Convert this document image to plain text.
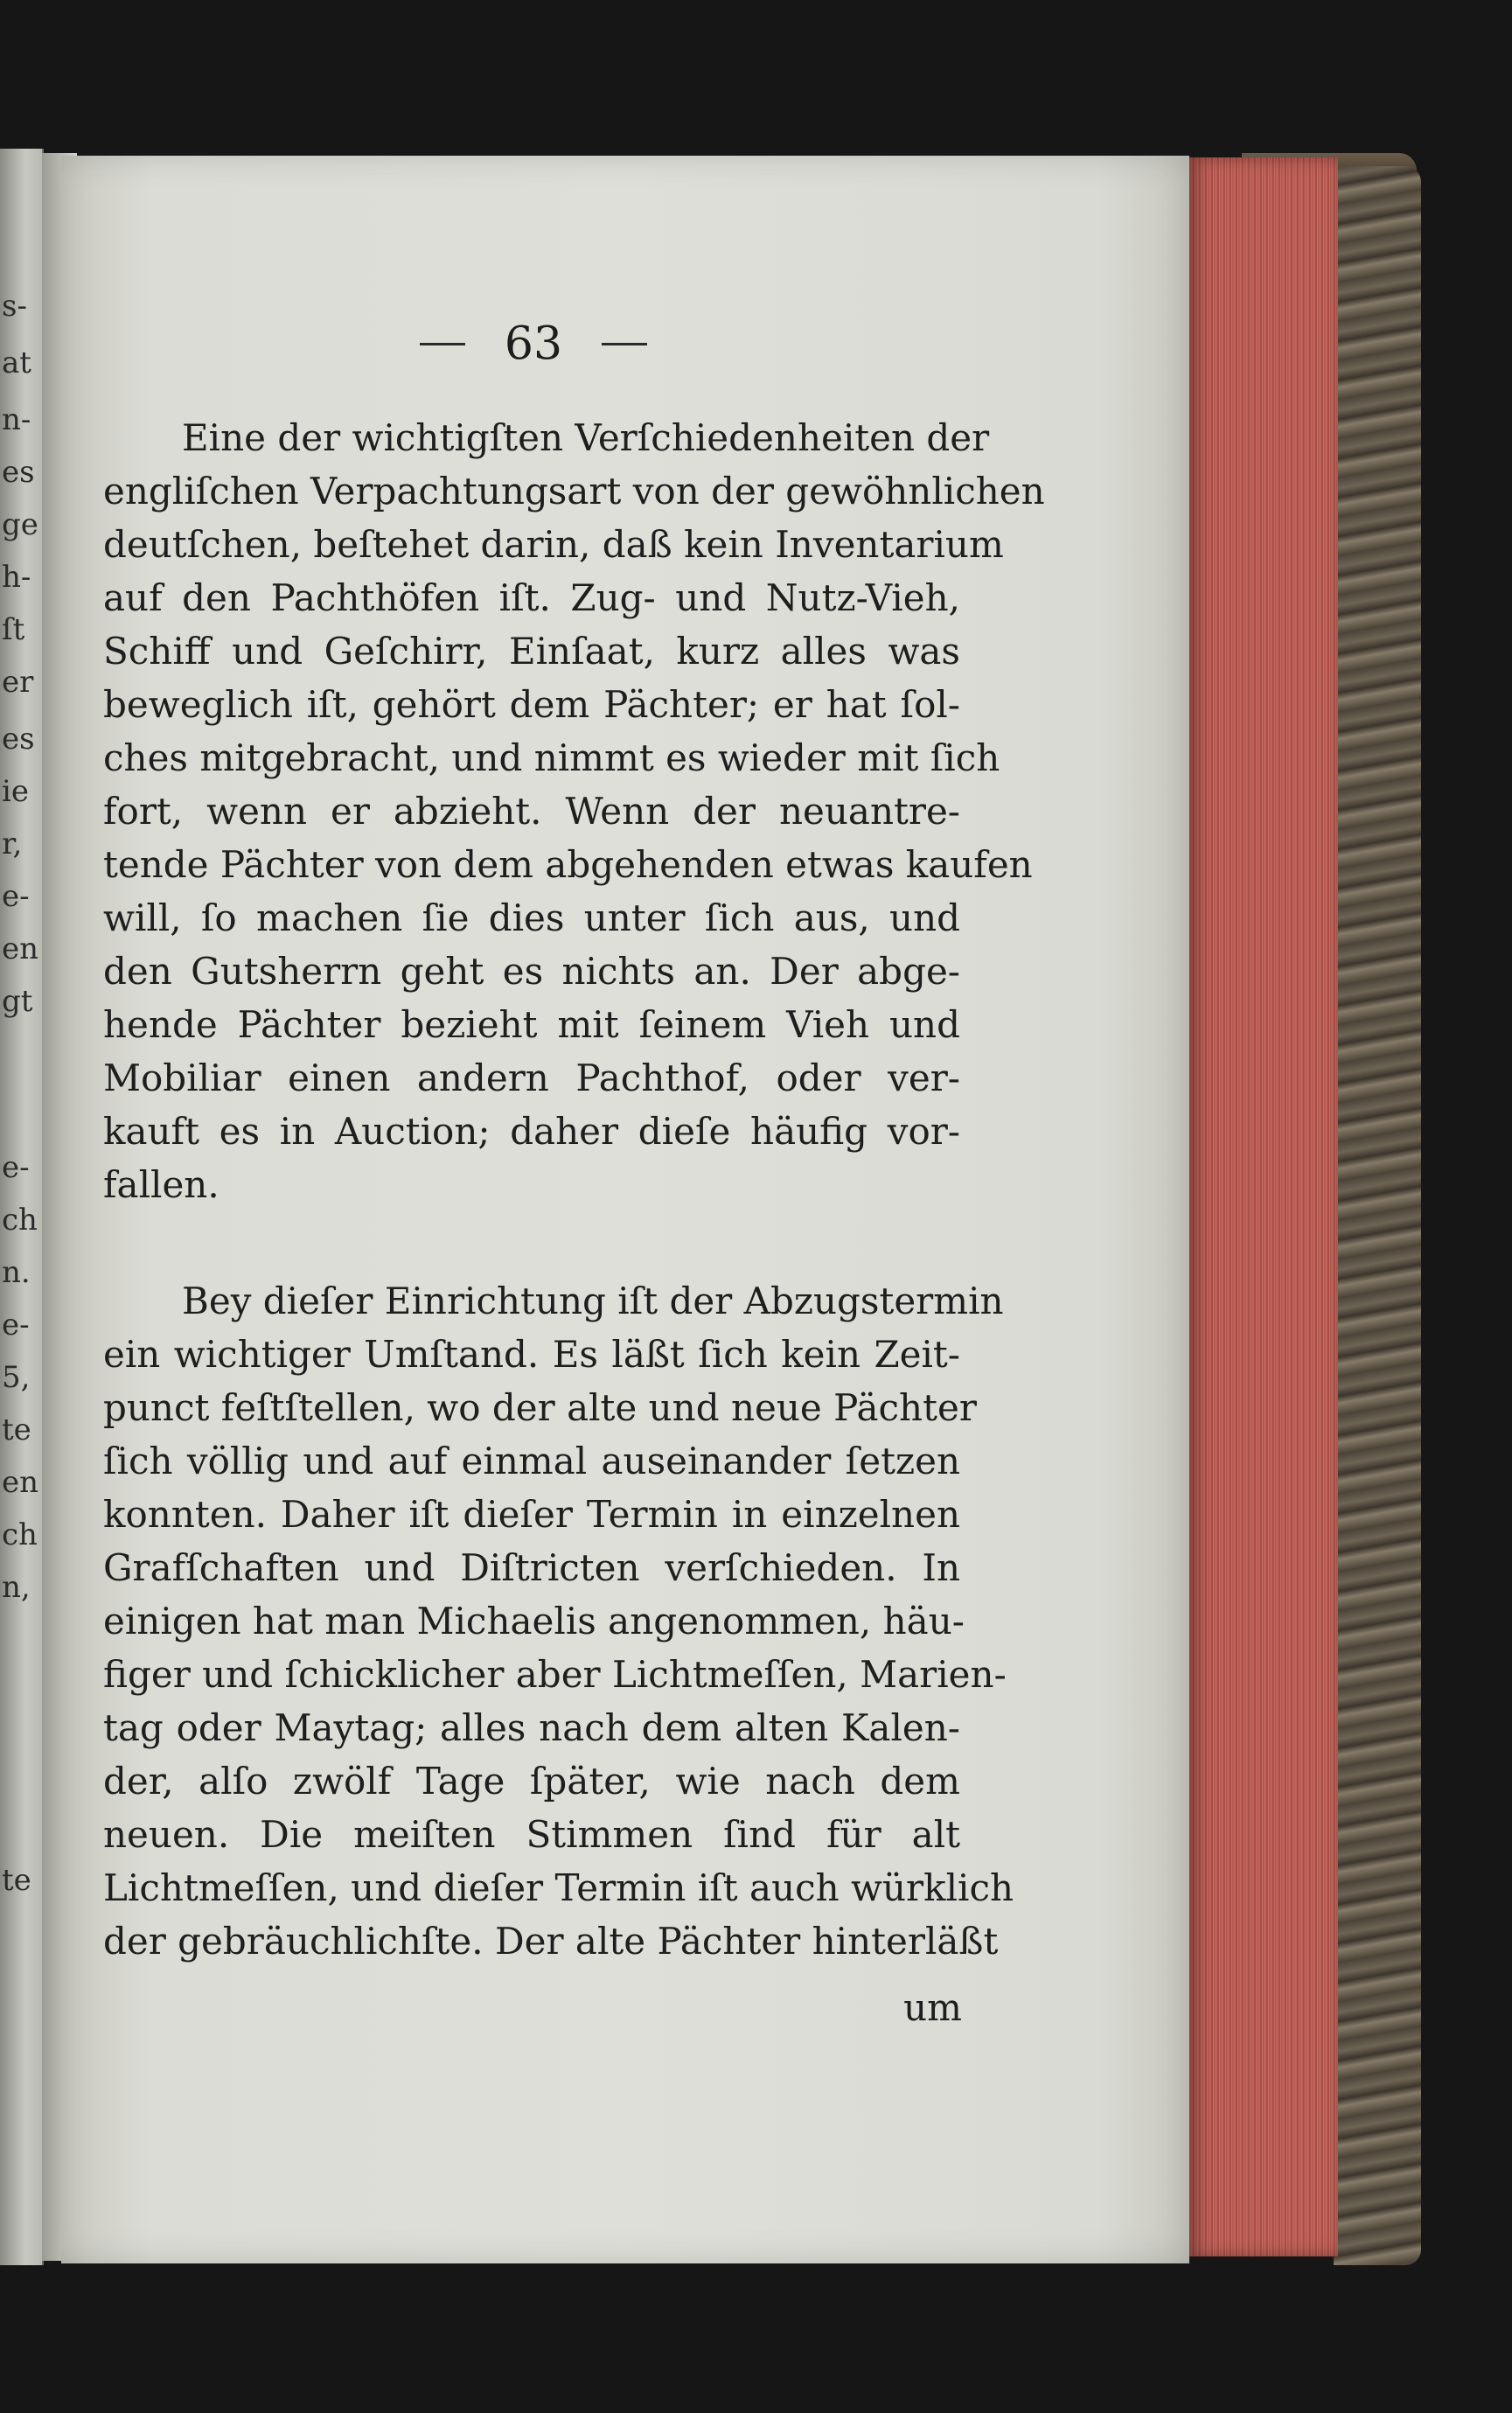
s-
at
n-
es
ge
h-
ſt
er
es
ie
r,
e-
en
gt
e-
ch
n.
e-
5,
te
en
ch
n,
te
63
Eine der wichtigſten Verſchiedenheiten der
engliſchen Verpachtungsart von der gewöhnlichen
deutſchen, beſtehet darin, daß kein Inventarium
auf den Pachthöfen iſt. Zug- und Nutz-Vieh,
Schiff und Geſchirr, Einſaat, kurz alles was
beweglich iſt, gehört dem Pächter; er hat ſol-
ches mitgebracht, und nimmt es wieder mit ſich
fort, wenn er abzieht. Wenn der neuantre-
tende Pächter von dem abgehenden etwas kaufen
will, ſo machen ſie dies unter ſich aus, und
den Gutsherrn geht es nichts an. Der abge-
hende Pächter bezieht mit ſeinem Vieh und
Mobiliar einen andern Pachthof, oder ver-
kauft es in Auction; daher dieſe häufig vor-
fallen.
Bey dieſer Einrichtung iſt der Abzugstermin
ein wichtiger Umſtand. Es läßt ſich kein Zeit-
punct feſtſtellen, wo der alte und neue Pächter
ſich völlig und auf einmal auseinander ſetzen
konnten. Daher iſt dieſer Termin in einzelnen
Grafſchaften und Diſtricten verſchieden. In
einigen hat man Michaelis angenommen, häu-
figer und ſchicklicher aber Lichtmeſſen, Marien-
tag oder Maytag; alles nach dem alten Kalen-
der, alſo zwölf Tage ſpäter, wie nach dem
neuen. Die meiſten Stimmen ſind für alt
Lichtmeſſen, und dieſer Termin iſt auch würklich
der gebräuchlichſte. Der alte Pächter hinterläßt
um
